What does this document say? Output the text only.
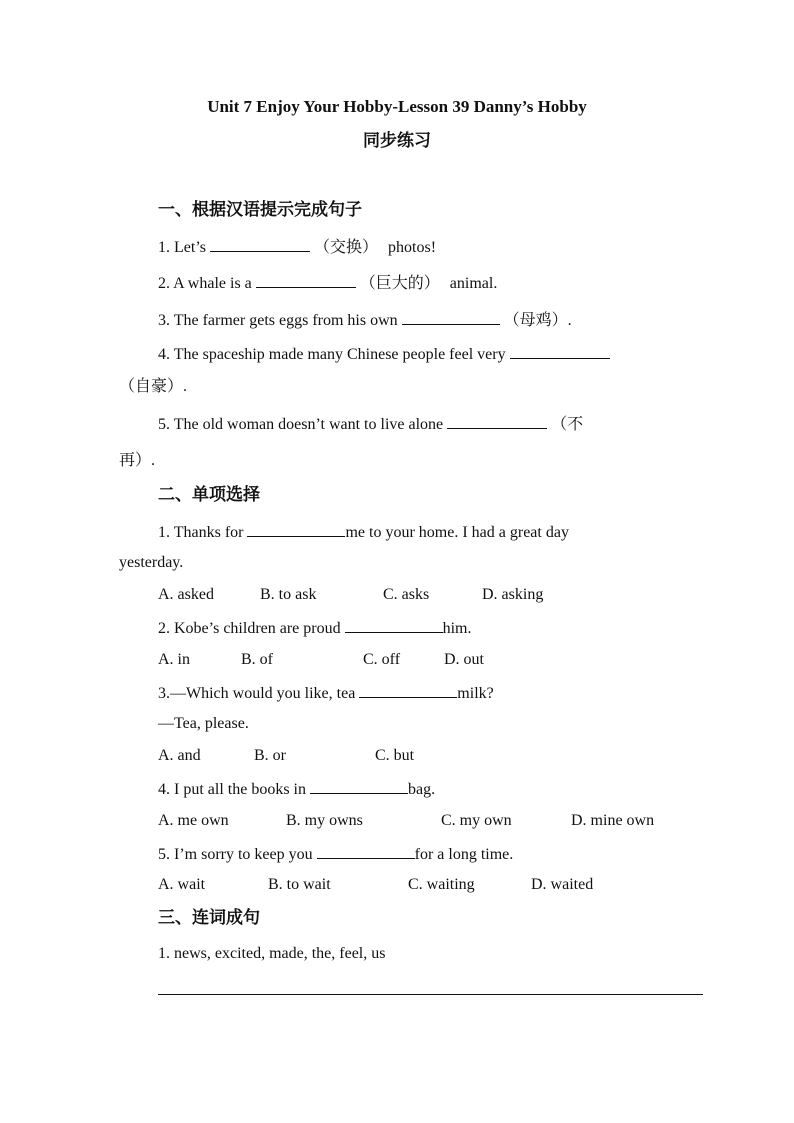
Unit 7 Enjoy Your Hobby-Lesson 39 Danny’s Hobby
同步练习
一、根据汉语提示完成句子
1. Let’s	（交换） photos!
2. A whale is a	（巨大的） animal.
3. The farmer gets eggs from his own	（母鸡）.
4. The spaceship made many Chinese people feel very
（自豪）.
5. The old woman doesn’t want to live alone	（不
再）.
二、单项选择
1. Thanks for	me to your home. I had a great day
yesterday.
A. asked	B. to ask	C. asks	D. asking
2. Kobe’s children are proud	him.
A. in	B. of	C. off	D. out
3.—Which would you like, tea	milk?
—Tea, please.
A. and	B. or	C. but
4. I put all the books in	bag.
A. me own	B. my owns	C. my own	D. mine own
5. I’m sorry to keep you	for a long time.
A. wait	B. to wait	C. waiting	D. waited
三、连词成句
1. news, excited, made, the, feel, us
